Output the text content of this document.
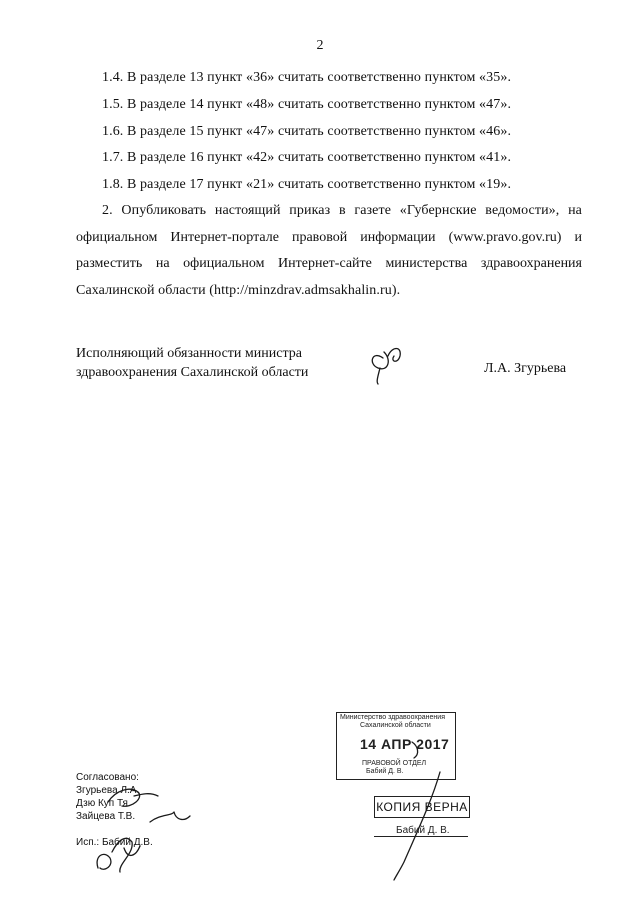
2
1.4. В разделе 13 пункт «36» считать соответственно пунктом «35».
1.5. В разделе 14 пункт «48» считать соответственно пунктом «47».
1.6. В разделе 15 пункт «47» считать соответственно пунктом «46».
1.7. В разделе 16 пункт «42» считать соответственно пунктом «41».
1.8. В разделе 17 пункт «21» считать соответственно пунктом «19».
2. Опубликовать настоящий приказ в газете «Губернские ведомости», на
официальном Интернет-портале правовой информации (www.pravo.gov.ru) и
разместить на официальном Интернет-сайте министерства здравоохранения
Сахалинской области (http://minzdrav.admsakhalin.ru).
Исполняющий обязанности министра
здравоохранения Сахалинской области	Л.А. Згурьева
Согласовано:
Згурьева Л.А.
Дзю Куп Тя
Зайцева Т.В.
Исп.: Бабий Д.В.
Министерство здравоохранения
Сахалинской области
14 АПР 2017
ПРАВОВОЙ ОТДЕЛ
Бабий Д. В.
КОПИЯ ВЕРНА
Бабий Д. В.
